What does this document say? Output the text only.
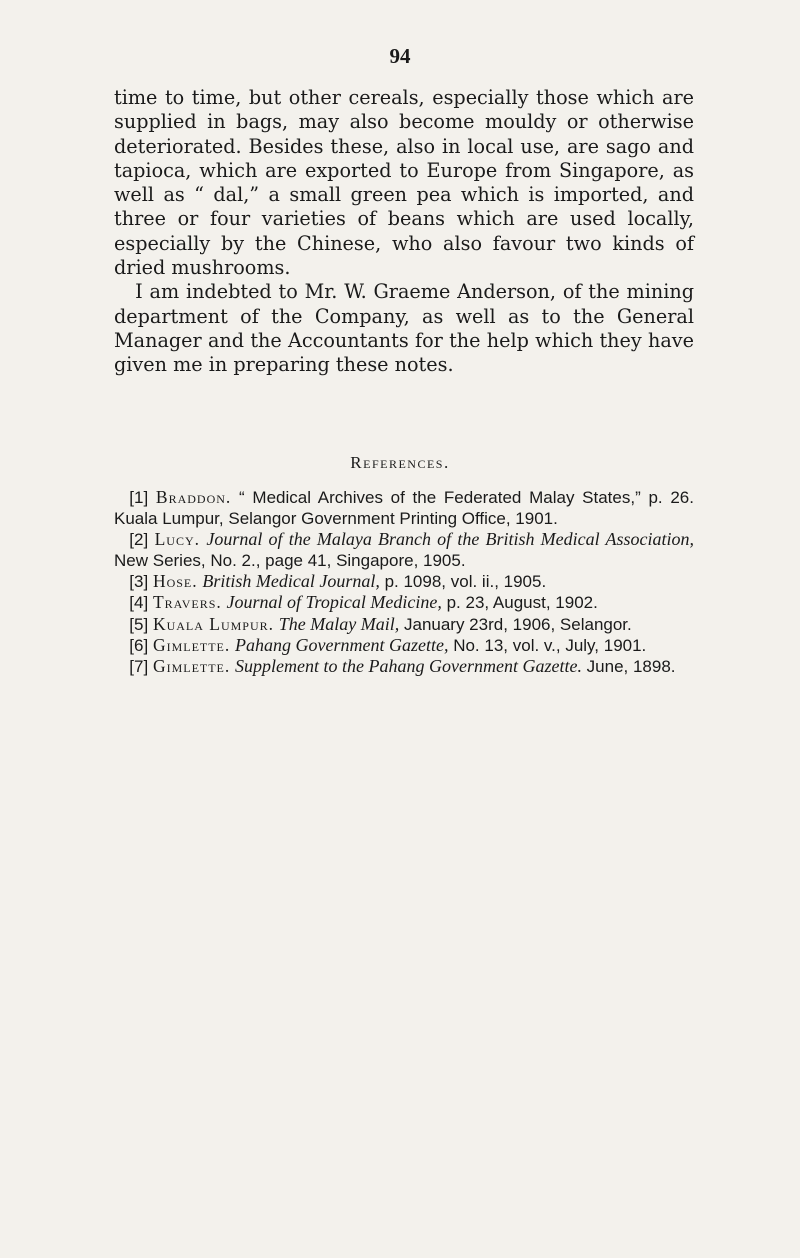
94

time to time, but other cereals, especially those which are supplied in bags, may also become mouldy or otherwise deteriorated. Besides these, also in local use, are sago and tapioca, which are exported to Europe from Singapore, as well as “ dal,” a small green pea which is imported, and three or four varieties of beans which are used locally, especially by the Chinese, who also favour two kinds of dried mushrooms.

I am indebted to Mr. W. Graeme Anderson, of the mining department of the Company, as well as to the General Manager and the Accountants for the help which they have given me in preparing these notes.

References.

[1] Braddon. “ Medical Archives of the Federated Malay States,” p. 26. Kuala Lumpur, Selangor Government Printing Office, 1901.

[2] Lucy. Journal of the Malaya Branch of the British Medical Association, New Series, No. 2., page 41, Singapore, 1905.

[3] Hose. British Medical Journal, p. 1098, vol. ii., 1905.

[4] Travers. Journal of Tropical Medicine, p. 23, August, 1902.

[5] Kuala Lumpur. The Malay Mail, January 23rd, 1906, Selangor.

[6] Gimlette. Pahang Government Gazette, No. 13, vol. v., July, 1901.

[7] Gimlette. Supplement to the Pahang Government Gazette. June, 1898.
